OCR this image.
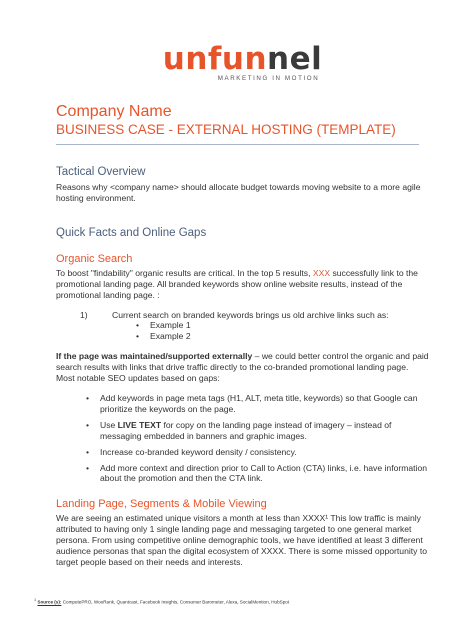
unfunnel
MARKETING IN MOTION
Company Name
BUSINESS CASE - EXTERNAL HOSTING (TEMPLATE)
Tactical Overview

Reasons why <company name> should allocate budget towards moving website to a more agile hosting environment.

Quick Facts and Online Gaps
Organic Search

To boost "findability" organic results are critical. In the top 5 results, XXX successfully link to the promotional landing page. All branded keywords show online website results, instead of the promotional landing page. :

1)	Current search on branded keywords brings us old archive links such as:
• Example 1
• Example 2

If the page was maintained/supported externally – we could better control the organic and paid search results with links that drive traffic directly to the co-branded promotional landing page. Most notable SEO updates based on gaps:

• Add keywords in page meta tags (H1, ALT, meta title, keywords) so that Google can prioritize the keywords on the page.
• Use LIVE TEXT for copy on the landing page instead of imagery – instead of messaging embedded in banners and graphic images.
• Increase co-branded keyword density / consistency.
• Add more context and direction prior to Call to Action (CTA) links, i.e. have information about the promotion and then the CTA link.
Landing Page, Segments & Mobile Viewing

We are seeing an estimated unique visitors a month at less than XXXX¹ This low traffic is mainly attributed to having only 1 single landing page and messaging targeted to one general market persona. From using competitive online demographic tools, we have identified at least 3 different audience personas that span the digital ecosystem of XXXX. There is some missed opportunity to target people based on their needs and interests.

$^1$ Source (s): CompetePRO, WooRank, Quantcast, Facebook Insights, Consumer Barometer, Alexa, SocialMention, HubSpot
